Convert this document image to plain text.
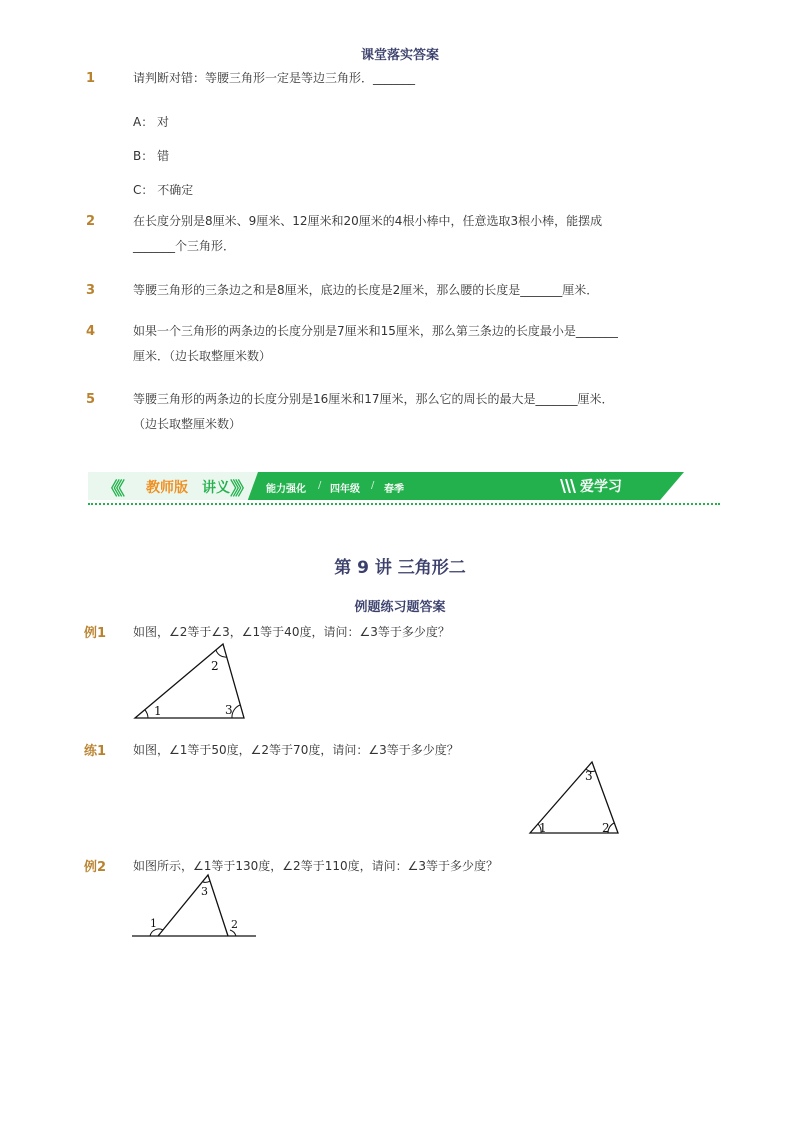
课堂落实答案
1	请判断对错：等腰三角形一定是等边三角形．_______
A： 对
B： 错
C： 不确定
2	在长度分别是8厘米、9厘米、12厘米和20厘米的4根小棒中，任意选取3根小棒，能摆成_______个三角形．
3	等腰三角形的三条边之和是8厘米，底边的长度是2厘米，那么腰的长度是_______厘米．
4	如果一个三角形的两条边的长度分别是7厘米和15厘米，那么第三条边的长度最小是_______厘米．（边长取整厘米数）
5	等腰三角形的两条边的长度分别是16厘米和17厘米，那么它的周长的最大是_______厘米．（边长取整厘米数）
《《 教师版 讲义 》》 能力强化 / 四年级 / 春季	爱学习
第 9 讲 三角形二
例题练习题答案
例1 如图，∠2等于∠3，∠1等于40度，请问：∠3等于多少度？
1
2
3
练1 如图，∠1等于50度，∠2等于70度，请问：∠3等于多少度？
1	2
3
例2 如图所示，∠1等于130度，∠2等于110度，请问：∠3等于多少度？
1	2
3
